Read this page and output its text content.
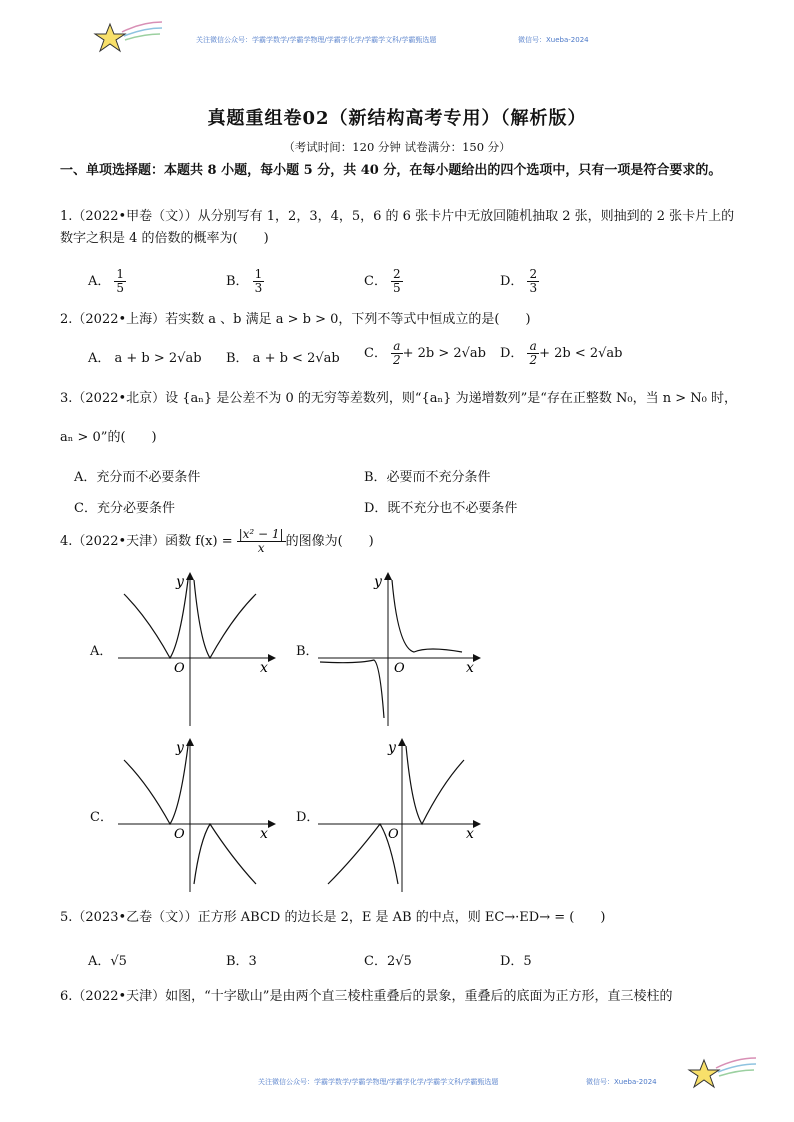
关注微信公众号：学霸学数学/学霸学物理/学霸学化学/学霸学文科/学霸甄选题	微信号：Xueba-2024
真题重组卷02（新结构高考专用）（解析版）
（考试时间：120 分钟 试卷满分：150 分）
一、单项选择题：本题共 8 小题，每小题 5 分，共 40 分，在每小题给出的四个选项中，只有一项是符合要求的。
1.（2022•甲卷（文））从分别写有 1，2，3，4，5，6 的 6 张卡片中无放回随机抽取 2 张，则抽到的 2 张卡片上的数字之积是 4 的倍数的概率为(　　)
A． $\frac{1}{5}$	B． $\frac{1}{3}$	C． $\frac{2}{5}$	D． $\frac{2}{3}$
2.（2022•上海）若实数 a 、b 满足 a > b > 0，下列不等式中恒成立的是(　　)
A． a + b > 2√ab B． a + b < 2√ab C． $\frac{a}{2} + 2b > 2√ab$ D． $\frac{a}{2} + 2b < 2√ab$
3.（2022•北京）设 {aₙ} 是公差不为 0 的无穷等差数列，则“{aₙ} 为递增数列”是“存在正整数 N₀，当 n > N₀ 时，
aₙ > 0”的(　　)
A．充分而不必要条件	B．必要而不充分条件
C．充分必要条件	D．既不充分也不必要条件
4.（2022•天津）函数 $f(x) = \frac{\text{|x² − 1|}}{x}$ 的图像为(　　)
A．	B．
C．	D．
y
x
O
y
x
O
y
x
O
y
x
O
5.（2023•乙卷（文））正方形 ABCD 的边长是 2，E 是 AB 的中点，则 EC→·ED→ = (　　)
A．√5	B．3	C．2√5	D．5
6.（2022•天津）如图，“十字歇山”是由两个直三棱柱重叠后的景象，重叠后的底面为正方形，直三棱柱的
关注微信公众号：学霸学数学/学霸学物理/学霸学化学/学霸学文科/学霸甄选题	微信号：Xueba-2024
